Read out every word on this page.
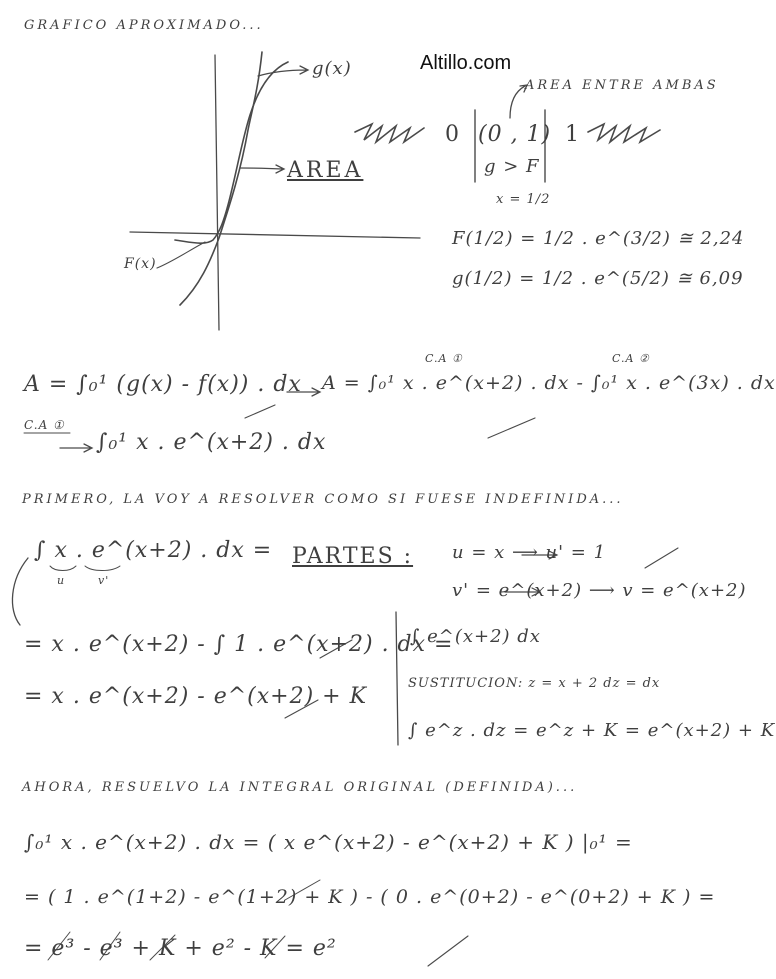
Altillo.com
GRAFICO APROXIMADO...
g(x)
AREA
F(x)
AREA ENTRE AMBAS
0 (0 , 1) 1
g > F
x = 1/2
F(1/2) = 1/2 . e^(3/2) ≅ 2,24
g(1/2) = 1/2 . e^(5/2) ≅ 6,09
A = ∫₀¹ (g(x) - f(x)) . dx A = ∫₀¹ x . e^(x+2) . dx - ∫₀¹ x . e^(3x) . dx
C.A ①	C.A ②
C.A ①
∫₀¹ x . e^(x+2) . dx
PRIMERO, LA VOY A RESOLVER COMO SI FUESE INDEFINIDA...
∫ x . e^(x+2) . dx =
u	v'
PARTES : u = x ⟶ u' = 1
v' = e^(x+2) ⟶ v = e^(x+2)
= x . e^(x+2) - ∫ 1 . e^(x+2) . dx =
= x . e^(x+2) - e^(x+2) + K
∫ e^(x+2) dx
SUSTITUCION: z = x + 2 dz = dx
∫ e^z . dz = e^z + K = e^(x+2) + K
AHORA, RESUELVO LA INTEGRAL ORIGINAL (DEFINIDA)...
∫₀¹ x . e^(x+2) . dx = ( x e^(x+2) - e^(x+2) + K ) |₀¹ =
= ( 1 . e^(1+2) - e^(1+2) + K ) - ( 0 . e^(0+2) - e^(0+2) + K ) =
= e³ - e³ + K + e² - K = e²
